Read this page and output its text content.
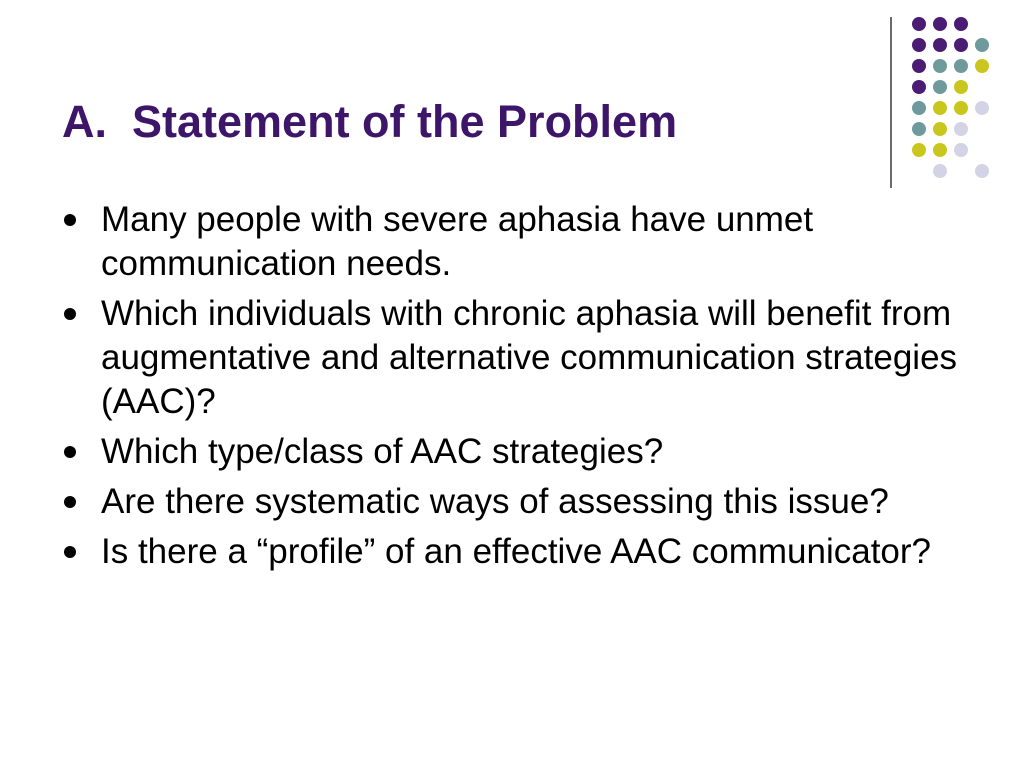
A.  Statement of the Problem
Many people with severe aphasia have unmet communication needs.
Which individuals with chronic aphasia will benefit from augmentative and alternative communication strategies (AAC)?
Which type/class of AAC strategies?
Are there systematic ways of assessing this issue?
Is there a “profile” of an effective AAC communicator?
